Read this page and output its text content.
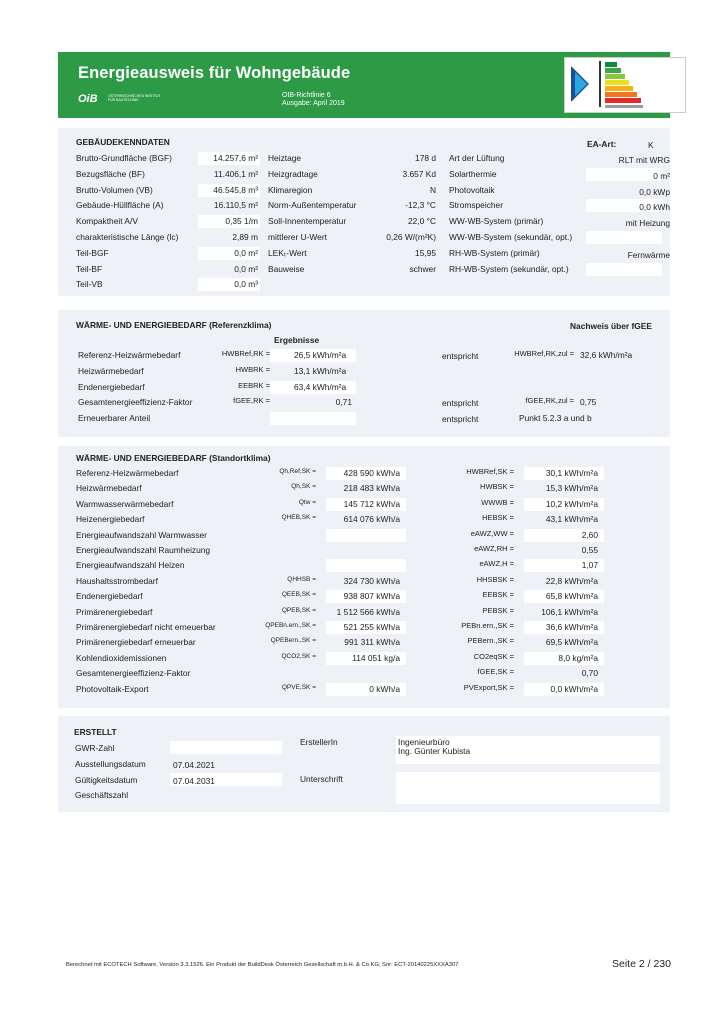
Energieausweis für Wohngebäude
OiB	ÖSTERREICHISCHES INSTITUT FÜR BAUTECHNIK
OIB-Richtlinie 6
Ausgabe: April 2019
GEBÄUDEKENNDATEN	EA-Art:	K
Brutto-Grundfläche (BGF)	14.257,6 m²
Bezugsfläche (BF)	11.406,1 m²
Brutto-Volumen (VB)	46.545,8 m³
Gebäude-Hüllfläche (A)	16.110,5 m²
Kompaktheit A/V	0,35 1/m
charakteristische Länge (lc)	2,89 m
Teil-BGF	0,0 m²
Teil-BF	0,0 m²
Teil-VB	0,0 m³
Heiztage	178 d
Heizgradtage	3.657 Kd
Klimaregion	N
Norm-Außentemperatur	-12,3 °C
Soll-Innentemperatur	22,0 °C
mittlerer U-Wert	0,26 W/(m²K)
LEKₜ-Wert	15,95
Bauweise	schwer
Art der Lüftung	RLT mit WRG
Solarthermie	0 m²
Photovoltaik	0,0 kWp
Stromspeicher	0,0 kWh
WW-WB-System (primär)	mit Heizung
WW-WB-System (sekundär, opt.)
RH-WB-System (primär)	Fernwärme
RH-WB-System (sekundär, opt.)
WÄRME- UND ENERGIEBEDARF (Referenzklima)	Nachweis über fGEE
Ergebnisse
Referenz-Heizwärmebedarf	HWBRef,RK =	26,5 kWh/m²a	entspricht	HWBRef,RK,zul = 32,6 kWh/m²a
Heizwärmebedarf	HWBRK =	13,1 kWh/m²a
Endenergiebedarf	EEBRK =	63,4 kWh/m²a
Gesamtenergieeffizienz-Faktor	fGEE,RK =	0,71	entspricht	fGEE,RK,zul = 0,75
Erneuerbarer Anteil	entspricht	Punkt 5.2.3 a und b
WÄRME- UND ENERGIEBEDARF (Standortklima)
Referenz-Heizwärmebedarf	Qh,Ref,SK =	428 590 kWh/a	HWBRef,SK =	30,1 kWh/m²a
Heizwärmebedarf	Qh,SK =	218 483 kWh/a	HWBSK =	15,3 kWh/m²a
Warmwasserwärmebedarf	Qtw =	145 712 kWh/a	WWWB =	10,2 kWh/m²a
Heizenergiebedarf	QHEB,SK =	614 076 kWh/a	HEBSK =	43,1 kWh/m²a
Energieaufwandszahl Warmwasser	eAWZ,WW =	2,60
Energieaufwandszahl Raumheizung	eAWZ,RH =	0,55
Energieaufwandszahl Heizen	eAWZ,H =	1,07
Haushaltsstrombedarf	QHHSB =	324 730 kWh/a	HHSBSK =	22,8 kWh/m²a
Endenergiebedarf	QEEB,SK =	938 807 kWh/a	EEBSK =	65,8 kWh/m²a
Primärenergiebedarf	QPEB,SK =	1 512 566 kWh/a	PEBSK =	106,1 kWh/m²a
Primärenergiebedarf nicht erneuerbar	QPEBn.ern.,SK =	521 255 kWh/a	PEBn.ern.,SK =	36,6 kWh/m²a
Primärenergiebedarf erneuerbar	QPEBern.,SK =	991 311 kWh/a	PEBern.,SK =	69,5 kWh/m²a
Kohlendioxidemissionen	QCO2,SK =	114 051 kg/a	CO2eqSK =	8,0 kg/m²a
Gesamtenergieeffizienz-Faktor	fGEE,SK =	0,70
Photovoltaik-Export	QPVE,SK =	0 kWh/a	PVExport,SK =	0,0 kWh/m²a
ERSTELLT
GWR-Zahl
Ausstellungsdatum	07.04.2021
Gültigkeitsdatum	07.04.2031
Geschäftszahl
ErstellerIn	Ingenieurbüro
Ing. Günter Kubista
Unterschrift
Berechnet mit ECOTECH Software, Version 3.3.1526. Ein Produkt der BuildDesk Österreich Gesellschaft m.b.H. & Co.KG; Snr: ECT-20140225XXXA307	Seite 2 / 230
